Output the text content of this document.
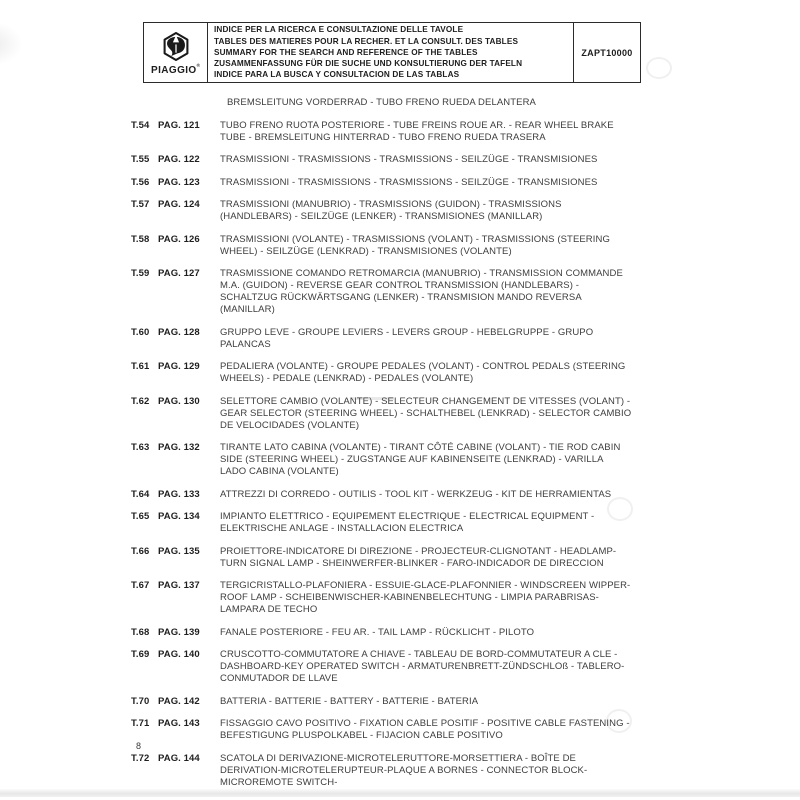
PIAGGIO®
INDICE PER LA RICERCA E CONSULTAZIONE DELLE TAVOLE
TABLES DES MATIERES POUR LA RECHER. ET LA CONSULT. DES TABLES
SUMMARY FOR THE SEARCH AND REFERENCE OF THE TABLES
ZUSAMMENFASSUNG FÜR DIE SUCHE UND KONSULTIERUNG DER TAFELN
INDICE PARA LA BUSCA Y CONSULTACION DE LAS TABLAS
ZAPT10000
BREMSLEITUNG VORDERRAD - TUBO FRENO RUEDA DELANTERA
T.54 PAG. 121	TUBO FRENO RUOTA POSTERIORE - TUBE FREINS ROUE AR. - REAR WHEEL BRAKE TUBE - BREMSLEITUNG HINTERRAD - TUBO FRENO RUEDA TRASERA
T.55 PAG. 122	TRASMISSIONI - TRASMISSIONS - TRASMISSIONS - SEILZÜGE - TRANSMISIONES
T.56 PAG. 123	TRASMISSIONI - TRASMISSIONS - TRASMISSIONS - SEILZÜGE - TRANSMISIONES
T.57 PAG. 124	TRASMISSIONI (MANUBRIO) - TRASMISSIONS (GUIDON) - TRASMISSIONS (HANDLEBARS) - SEILZÜGE (LENKER) - TRANSMISIONES (MANILLAR)
T.58 PAG. 126	TRASMISSIONI (VOLANTE) - TRASMISSIONS (VOLANT) - TRASMISSIONS (STEERING WHEEL) - SEILZÜGE (LENKRAD) - TRANSMISIONES (VOLANTE)
T.59 PAG. 127	TRASMISSIONE COMANDO RETROMARCIA (MANUBRIO) - TRANSMISSION COMMANDE M.A. (GUIDON) - REVERSE GEAR CONTROL TRANSMISSION (HANDLEBARS) - SCHALTZUG RÜCKWÄRTSGANG (LENKER) - TRANSMISION MANDO REVERSA (MANILLAR)
T.60 PAG. 128	GRUPPO LEVE - GROUPE LEVIERS - LEVERS GROUP - HEBELGRUPPE - GRUPO PALANCAS
T.61 PAG. 129	PEDALIERA (VOLANTE) - GROUPE PEDALES (VOLANT) - CONTROL PEDALS (STEERING WHEELS) - PEDALE (LENKRAD) - PEDALES (VOLANTE)
T.62 PAG. 130	SELETTORE CAMBIO (VOLANTE) - SELECTEUR CHANGEMENT DE VITESSES (VOLANT) - GEAR SELECTOR (STEERING WHEEL) - SCHALTHEBEL (LENKRAD) - SELECTOR CAMBIO DE VELOCIDADES (VOLANTE)
T.63 PAG. 132	TIRANTE LATO CABINA (VOLANTE) - TIRANT CÔTÉ CABINE (VOLANT) - TIE ROD CABIN SIDE (STEERING WHEEL) - ZUGSTANGE AUF KABINENSEITE (LENKRAD) - VARILLA LADO CABINA (VOLANTE)
T.64 PAG. 133	ATTREZZI DI CORREDO - OUTILIS - TOOL KIT - WERKZEUG - KIT DE HERRAMIENTAS
T.65 PAG. 134	IMPIANTO ELETTRICO - EQUIPEMENT ELECTRIQUE - ELECTRICAL EQUIPMENT - ELEKTRISCHE ANLAGE - INSTALLACION ELECTRICA
T.66 PAG. 135	PROIETTORE-INDICATORE DI DIREZIONE - PROJECTEUR-CLIGNOTANT - HEADLAMP-TURN SIGNAL LAMP - SHEINWERFER-BLINKER - FARO-INDICADOR DE DIRECCION
T.67 PAG. 137	TERGICRISTALLO-PLAFONIERA - ESSUIE-GLACE-PLAFONNIER - WINDSCREEN WIPPER-ROOF LAMP - SCHEIBENWISCHER-KABINENBELECHTUNG - LIMPIA PARABRISAS-LAMPARA DE TECHO
T.68 PAG. 139	FANALE POSTERIORE - FEU AR. - TAIL LAMP - RÜCKLICHT - PILOTO
T.69 PAG. 140	CRUSCOTTO-COMMUTATORE A CHIAVE - TABLEAU DE BORD-COMMUTATEUR A CLE - DASHBOARD-KEY OPERATED SWITCH - ARMATURENBRETT-ZÜNDSCHLOß - TABLERO-CONMUTADOR DE LLAVE
T.70 PAG. 142	BATTERIA - BATTERIE - BATTERY - BATTERIE - BATERIA
T.71 PAG. 143	FISSAGGIO CAVO POSITIVO - FIXATION CABLE POSITIF - POSITIVE CABLE FASTENING - BEFESTIGUNG PLUSPOLKABEL - FIJACION CABLE POSITIVO
T.72 PAG. 144	SCATOLA DI DERIVAZIONE-MICROTELERUTTORE-MORSETTIERA - BOÎTE DE DERIVATION-MICROTELERUPTEUR-PLAQUE A BORNES - CONNECTOR BLOCK-MICROREMOTE SWITCH-
8
